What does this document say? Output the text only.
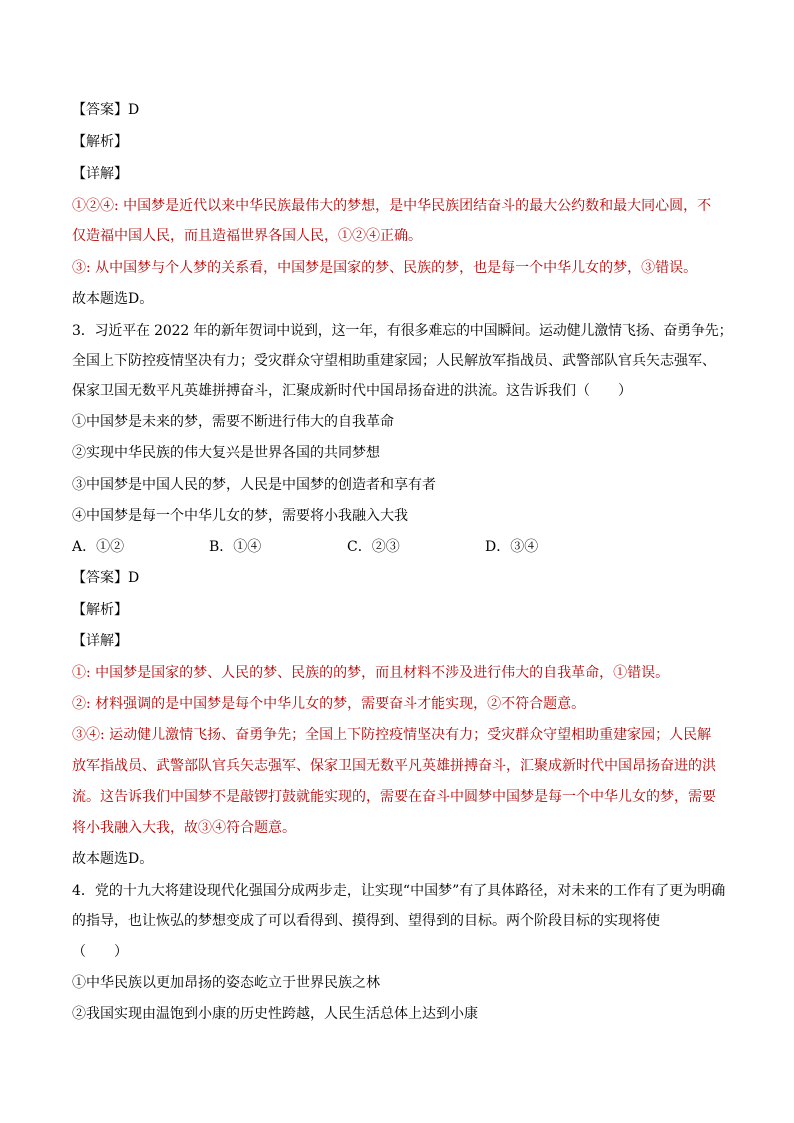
【答案】D
【解析】
【详解】
①②④: 中国梦是近代以来中华民族最伟大的梦想，是中华民族团结奋斗的最大公约数和最大同心圆，不
仅造福中国人民，而且造福世界各国人民，①②④正确。
③: 从中国梦与个人梦的关系看，中国梦是国家的梦、民族的梦，也是每一个中华儿女的梦，③错误。
故本题选D。
3．习近平在 2022 年的新年贺词中说到，这一年，有很多难忘的中国瞬间。运动健儿激情飞扬、奋勇争先；
全国上下防控疫情坚决有力；受灾群众守望相助重建家园；人民解放军指战员、武警部队官兵矢志强军、
保家卫国无数平凡英雄拼搏奋斗，汇聚成新时代中国昂扬奋进的洪流。这告诉我们（　　）
①中国梦是未来的梦，需要不断进行伟大的自我革命
②实现中华民族的伟大复兴是世界各国的共同梦想
③中国梦是中国人民的梦，人民是中国梦的创造者和享有者
④中国梦是每一个中华儿女的梦，需要将小我融入大我
A．①②	B．①④	C．②③	D．③④
【答案】D
【解析】
【详解】
①: 中国梦是国家的梦、人民的梦、民族的的梦，而且材料不涉及进行伟大的自我革命，①错误。
②: 材料强调的是中国梦是每个中华儿女的梦，需要奋斗才能实现，②不符合题意。
③④: 运动健儿激情飞扬、奋勇争先；全国上下防控疫情坚决有力；受灾群众守望相助重建家园；人民解
放军指战员、武警部队官兵矢志强军、保家卫国无数平凡英雄拼搏奋斗，汇聚成新时代中国昂扬奋进的洪
流。这告诉我们中国梦不是敲锣打鼓就能实现的，需要在奋斗中圆梦中国梦是每一个中华儿女的梦，需要
将小我融入大我，故③④符合题意。
故本题选D。
4．党的十九大将建设现代化强国分成两步走，让实现“中国梦”有了具体路径，对未来的工作有了更为明确
的指导，也让恢弘的梦想变成了可以看得到、摸得到、望得到的目标。两个阶段目标的实现将使
（　　）
①中华民族以更加昂扬的姿态屹立于世界民族之林
②我国实现由温饱到小康的历史性跨越，人民生活总体上达到小康
